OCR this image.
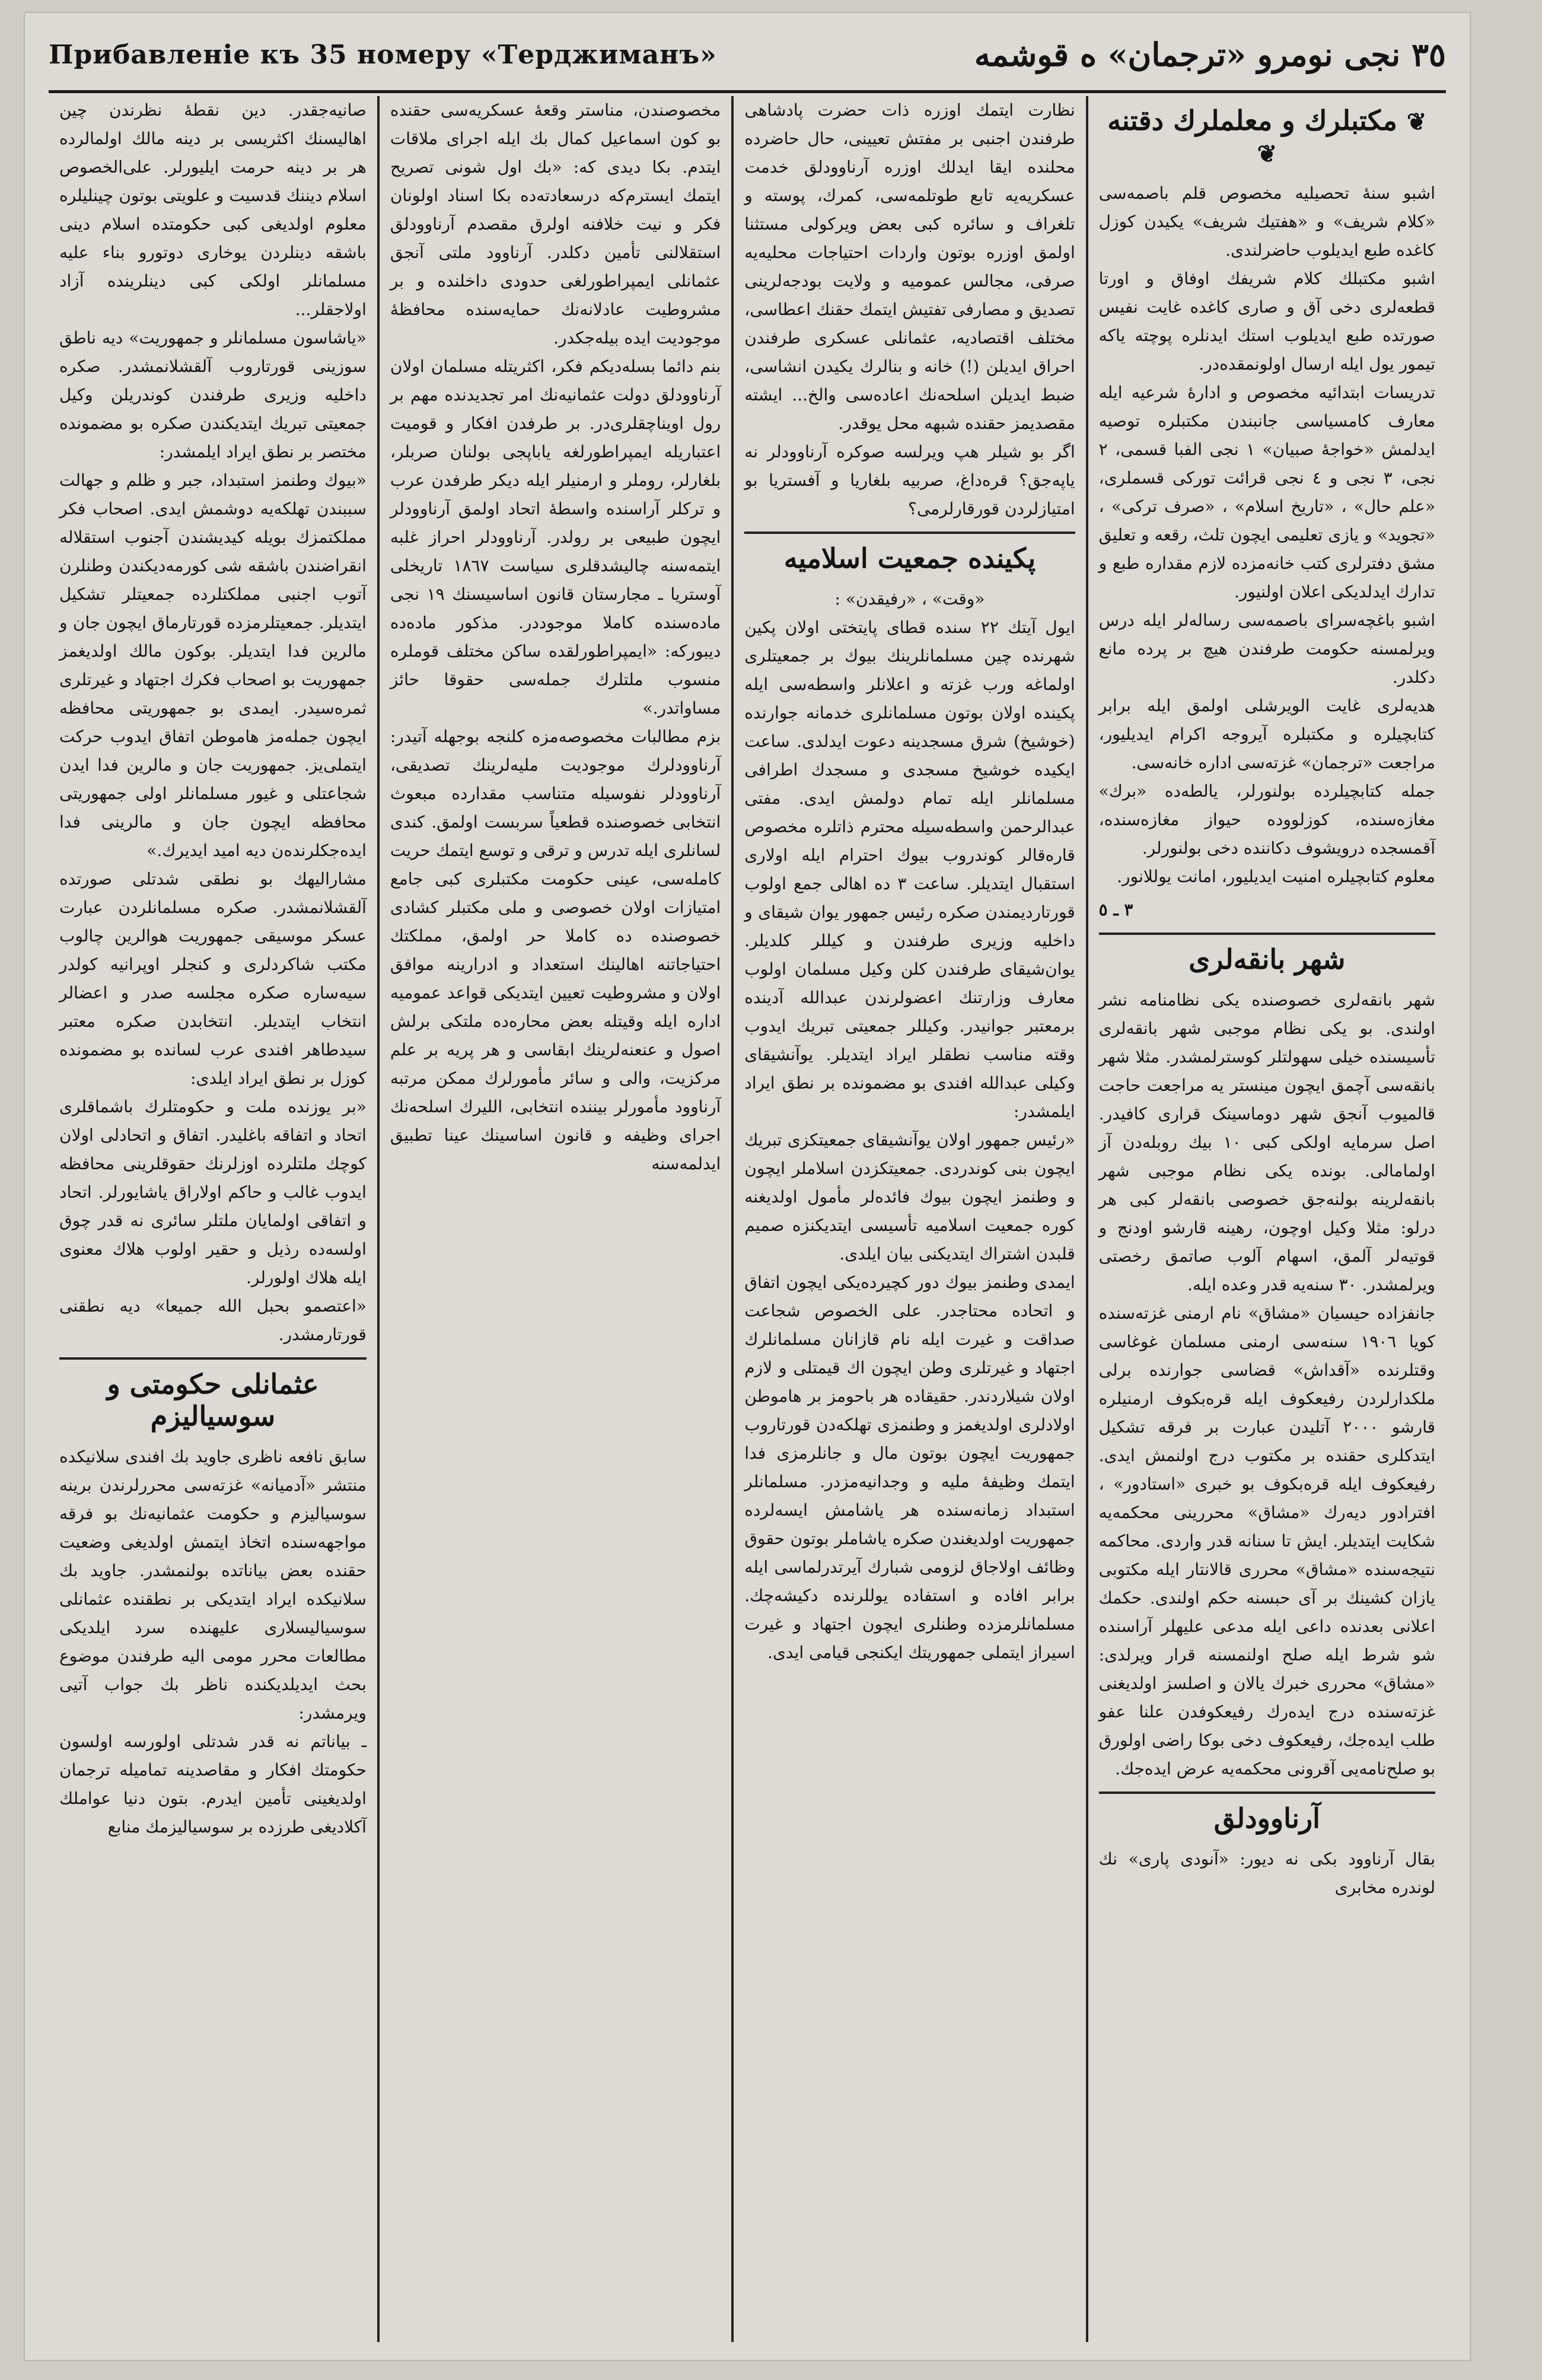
Прибавленiе къ 35 номеру «Терджиманъ»	٣٥ نجی نومرو «ترجمان» ه قوشمه
❦ مکتبلرك و معلملرك دقتنه ❦
اشبو سنهٔ تحصیلیه مخصوص قلم باصمه‌سی «کلام شریف» و «هفتیك شریف» یکیدن کوزل کاغده طبع ایدیلوب حاضرلندی.
اشبو مکتبلك کلام شریفك اوفاق و اورتا قطعه‌لری دخی آق و صاری کاغده غایت نفیس صورتده طبع ایدیلوب استك ایدنلره پوچته یاکه تیمور یول ایله ارسال اولونمقده‌در.
تدریسات ابتدائیه مخصوص و ادارهٔ شرعیه ایله معارف کامسیاسی جانبندن مکتبلره توصیه ایدلمش «خواجهٔ صبیان» ١ نجی الفبا قسمی، ٢ نجی، ٣ نجی و ٤ نجی قرائت توركی قسملری، «علم حال» ، «تاریخ اسلام» ، «صرف تركی» ، «تجوید» و یازی تعلیمی ایچون تلث، رقعه و تعلیق مشق دفترلری کتب خانه‌مزده لازم مقداره طبع و تدارك ایدلدیکی اعلان اولنیور.
اشبو باغچه‌سرای باصمه‌سی رساله‌لر ایله درس ویرلمسنه حکومت طرفندن هیچ بر پرده مانع دکلدر.
هدیه‌لری غایت الویرشلی اولمق ایله برابر کتابچیلره و مکتبلره آیروجه اکرام ایدیلیور، مراجعت «ترجمان» غزته‌سی اداره خانه‌سی.
جمله کتابچیلرده بولنورلر، یالطه‌ده «برك» مغازه‌سنده، کوزلووده حیواز مغازه‌سنده، آقمسجده درویشوف دکاننده دخی بولنورلر.
معلوم کتابچیلره امنیت ایدیلیور، امانت یوللانور.
٣ ـ ٥
شهر بانقه‌لری
شهر بانقه‌لری خصوصنده یکی نظامنامه نشر اولندی. بو یکی نظام موجبی شهر بانقه‌لری تأسیسنده خیلی سهولتلر کوسترلمشدر. مثلا شهر بانقه‌سی آچمق ایچون مینستر یه مراجعت حاجت قالمیوب آنجق شهر دوما‌سینک قراری کافیدر. اصل سرمایه اولکی کبی ١٠ بیك روبله‌دن آز اولمامالی. بونده یکی نظام موجبی شهر بانقه‌لرینه بولنه‌جق خصوصی بانقه‌لر کبی هر درلو: مثلا وکیل اوچون، رهینه قارشو اودنج و قوتیه‌لر آلمق، اسهام آلوب صاتمق رخصتی ویرلمشدر. ٣٠ سنه‌یه قدر وعده ایله.
جانفزاده حیسیان «مشاق» نام ارمنی غزته‌سنده کویا ١٩٠٦ سنه‌سی ارمنی مسلمان غوغاسی وقتلرنده «آقداش» قضاسی جوارنده برلی ملکدارلردن رفیعکوف ایله قره‌بکوف ارمنیلره قارشو ٢٠٠٠ آتلیدن عبارت بر فرقه تشکیل ایتدکلری حقنده بر مکتوب درج اولنمش ایدی. رفیعکوف ایله قره‌بکوف بو خبری «استادور» ، افترادور دیه‌رك «مشاق» محررینی محکمه‌یه شکایت ایتدیلر. ایش تا سنانه قدر واردی. محاکمه نتیجه‌سنده «مشاق» محرری قالانتار ایله مکتوبی یازان کشینك بر آی حبسنه حکم اولندی. حکمك اعلانی بعدنده داعی ایله مدعی علیهلر آراسنده شو شرط ایله صلح اولنمسنه قرار ویرلدی: «مشاق» محرری خبرك یالان و اصلسز اولدیغنی غزته‌سنده درج ایدەرك رفیعکوفدن علنا عفو طلب ایده‌جك، رفیعکوف دخی بوکا راضی اولورق بو صلح‌نامه‌یی آقرونی محکمه‌یه عرض ایده‌جك.
آرناوودلق
بقال آرناوود بکی نه دیور: «آنودی پاری» نك لوندره مخابری
نظارت ایتمك اوزره ذات حضرت پادشاهی طرفندن اجنبی بر مفتش تعیینی، حال حاضرده محلنده ایقا ایدلك اوزره آرناوودلق خدمت عسکریه‌یه تابع طوتلمه‌سی، کمرك، پوسته و تلغراف و سائره کبی بعض ویرکولی مستثنا اولمق اوزره بوتون واردات احتیاجات محلیه‌یه صرفی، مجالس عمومیه و ولایت بودجه‌لرینی تصدیق و مصارفی تفتیش ایتمك حقنك اعطاسی، مختلف اقتصادیه، عثمانلی عسکری طرفندن احراق ایدیلن (!) خانه و بنالرك یکیدن انشاسی، ضبط ایدیلن اسلحه‌نك اعاده‌سی والخ... ایشته مقصدیمز حقنده شبهه محل یوقدر.
اگر بو شیلر هپ ویرلسه صوکره آرناوودلر نه یاپه‌جق؟ قره‌داغ، صربیه بلغاریا و آفستریا بو امتیازلردن قورقارلرمی؟
پکینده جمعیت اسلامیه
«وقت» ، «رفیقدن» :
ایول آیتك ٢٢ سنده قطای پایتختی اولان پکین شهرنده چین مسلمانلرینك بیوك بر جمعیتلری اولماغه ورب غزته و اعلانلر واسطه‌سی ایله پکینده اولان بوتون مسلمانلری خدمانه جوارنده (خوشیخ) شرق مسجدینه دعوت ایدلدی. ساعت ایکیده خوشیخ مسجدی و مسجدك اطرافی مسلمانلر ایله تمام دولمش ایدی. مفتی عبدالرحمن واسطه‌سیله محترم ذاتلره مخصوص قارەقالر کوندروب بیوك احترام ایله اولاری استقبال ایتدیلر. ساعت ٣ ده اهالی جمع اولوب قورتاردیمندن صکره رئیس جمهور یوان شیقای و داخلیه وزیری طرفندن و کیللر کلدیلر. یوان‌شیقای طرفندن کلن وکیل مسلمان اولوب معارف وزارتنك اعضولرندن عبدالله آدینده برمعتبر جوانیدر. وکیللر جمعیتی تبریك ایدوب وقته مناسب نطقلر ایراد ایتدیلر. یوآنشیقای وکیلی عبدالله افندی بو مضمونده بر نطق ایراد ایلمشدر:
«رئیس جمهور اولان یوآنشیقای جمعیتکزی تبریك ایچون بنی کوندردی. جمعیتکزدن اسلاملر ایچون و وطنمز ایچون بیوك فائده‌لر مأمول اولدیغنه کوره جمعیت اسلامیه تأسیسی ایتدیکنزه صمیم قلبدن اشتراك ایتدیکنی بیان ایلدی.
ایمدی وطنمز بیوك دور کچیرده‌یکی ایچون اتفاق و اتحاده محتاجدر. علی الخصوص شجاعت صداقت و غیرت ایله نام قازانان مسلمانلرك اجتهاد و غیرتلری وطن ایچون اك قیمتلی و لازم اولان شیلاردندر. حقیقاده هر باحومز بر هاموطن اولادلری اولدیغمز و وطنمزی تهلکه‌دن قورتاروب جمهوریت ایچون بوتون مال و جانلرمزی فدا ایتمك وظیفهٔ ملیه و وجدانیه‌مزدر. مسلمانلر استبداد زمانه‌سنده هر یاشامش ایسه‌لرده جمهوریت اولدیغندن صکره یاشاملر بوتون حقوق وظائف اولاجاق لزومی شبارك آیرتدرلماسی ایله برابر افاده و استفاده یوللرنده دکیشه‌چك. مسلمانلرمزده وطنلری ایچون اجتهاد و غیرت اسیراز ایتملی جمهوریتك ایکنجی قیامی ایدی.
مخصوصندن، مناستر وقعهٔ عسکریه‌سی حقنده بو کون اسماعیل کمال بك ایله اجرای ملاقات ایتدم. بکا دیدی که: «بك اول شونی تصریح ایتمك ایسترم‌که درسعادته‌ده بکا اسناد اولونان فکر و نیت خلافنه اولرق مقصدم آرناوودلق استقلالنی تأمین دکلدر. آرناوود ملتی آنجق عثمانلی ایمپراطورلغی حدودی داخلنده و بر مشروطیت عادلانه‌نك حمایه‌سنده محافظهٔ موجودیت ایده بیله‌جکدر.
بنم دائما بسلەدیکم فکر، اکثریتله مسلمان اولان آرناوودلق دولت عثمانیه‌نك امر تجدیدنده مهم بر رول اویناچقلری‌در. بر طرفدن افکار و قومیت اعتباریله ایمپراطورلغه یاباپجی بولنان صربلر، بلغارلر، روملر و ارمنیلر ایله دیکر طرفدن عرب و ترکلر آراسنده واسطهٔ اتحاد اولمق آرناوودلر ایچون طبیعی بر رولدر. آرناوودلر احراز غلبه ایتمه‌سنه چالیشدقلری سیاست ١٨٦٧ تاریخلی آوستریا ـ مجارستان قانون اساسیسنك ١٩ نجی ماده‌سنده کاملا موجوددر. مذکور ماده‌ده دیبورکه: «ایمپراطورلقده ساکن مختلف قوملره منسوب ملتلرك جمله‌سی حقوقا حائز مساواتدر.»
بزم مطالبات مخصوصه‌مزه کلنجه بوجهله آتیدر: آرناوودلرك موجودیت ملیه‌لرینك تصدیقی، آرناوودلر نفوسیله متناسب مقدارده مبعوث انتخابی خصوصنده قطعیاً سربست اولمق. کندی لسانلری ایله تدرس و ترقی و توسع ایتمك حریت کامله‌سی، عینی حکومت مکتبلری کبی جامع امتیازات اولان خصوصی و ملی مکتبلر کشادی خصوصنده ده کاملا حر اولمق، مملکتك احتیاجاتنه اهالینك استعداد و ادرارینه موافق اولان و مشروطیت تعیین ایتدیکی قواعد عمومیه اداره ایله وقیتله بعض محاره‌ده ملتكی برلش اصول و عنعنه‌لرینك ابقاسی و هر پریه بر علم مرکزیت، والی و سائر مأمورلرك ممکن مرتبه آرناوود مأمورلر بیننده انتخابی، اللیرك اسلحه‌نك اجرای وظیفه و قانون اساسینك عینا تطبیق ایدلمه‌سنه
صانیه‌جقدر. دین نقطهٔ نظرندن چین اهالیسنك اکثریسی بر دینه مالك اولمالرده هر بر دینه حرمت ایلیورلر. علی‌الخصوص اسلام دیننك قدسیت و علویتی بوتون چینلیلره معلوم اولدیغی کبی حکومتده اسلام دینی باشقه دینلردن یوخاری دوتورو بناء علیه مسلمانلر اولکی کبی دینلرینده آزاد اولاجقلر...
«یاشاسون مسلمانلر و جمهوریت» دیه ناطق سوزینی قورتاروب آلقشلانمشدر. صکره داخلیه وزیری طرفندن کوندریلن وکیل جمعیتی تبریك ایتدیکندن صکره بو مضمونده مختصر بر نطق ایراد ایلمشدر:
«بیوك وطنمز استبداد، جبر و ظلم و جهالت سببندن تهلکه‌یه دوشمش ایدی. اصحاب فکر مملکتمزك بویله کیدیشندن آجنوب استقلاله انقراضندن باشقه شی کورمه‌دیکندن وطنلرن آتوب اجنبی مملکتلرده جمعیتلر تشکیل ایتدیلر. جمعیتلرمزده قورتارماق ایچون جان و مالرین فدا ایتدیلر. بوکون مالك اولدیغمز جمهوریت بو اصحاب فکرك اجتهاد و غیرتلری ثمره‌سیدر. ایمدی بو جمهوریتی محافظه ایچون جمله‌مز هاموطن اتفاق ایدوب حرکت ایتملی‌یز. جمهوریت جان و مالرین فدا ایدن شجاعتلی و غیور مسلمانلر اولی جمهوریتی محافظه ایچون جان و مالرینی فدا ایده‌جکلرنده‌ن دیه امید ایدیرك.»
مشارالیهك بو نطقی شدتلی صورتده آلقشلانمشدر. صکره مسلمانلردن عبارت عسکر موسیقی جمهوریت هوالرین چالوب مکتب شاکردلری و کنجلر اوپرانیه کولدر سیه‌ساره صکره مجلسه صدر و اعضالر انتخاب ایتدیلر. انتخابدن صکره معتبر سیدطاهر افندی عرب لسانده بو مضمونده کوزل بر نطق ایراد ایلدی:
«بر یوزنده ملت و حکومتلرك باشماقلری اتحاد و اتفاقه باغلیدر. اتفاق و اتحادلی اولان کوچك ملتلرده اوزلرنك حقوقلرینی محافظه ایدوب غالب و حاکم اولاراق یاشایورلر. اتحاد و اتفاقی اولمایان ملتلر سائری نه قدر چوق اولسه‌ده رذیل و حقیر اولوب هلاك معنوی ایله هلاك اولورلر.
«اعتصمو بحبل الله جمیعا» دیه نطقنی قورتارمشدر.
عثمانلی حکومتی و سوسیالیزم
سابق نافعه ناظری جاوید بك افندی سلانیکده منتشر «آدمیانه» غزته‌سی محررلرندن برینه سوسیالیزم و حکومت عثمانیه‌نك بو فرقه مواجهه‌سنده اتخاذ ایتمش اولدیغی وضعیت حقنده بعض بیاناتده بولنمشدر. جاوید بك سلانیکده ایراد ایتدیکی بر نطقنده عثمانلی سوسیالیسلاری علیهنده سرد ایلدیکی مطالعات محرر مومی الیه طرفندن موضوع بحث ایدیلدیکنده ناظر بك جواب آتیی ویرمشدر:
ـ بیاناتم نه قدر شدتلی اولورسه اولسون حکومتك افکار و مقاصدینه تمامیله ترجمان اولدیغینی تأمین ایدرم. بتون دنیا عواملك آکلادیغی طرزده بر سوسیالیزمك منابع
